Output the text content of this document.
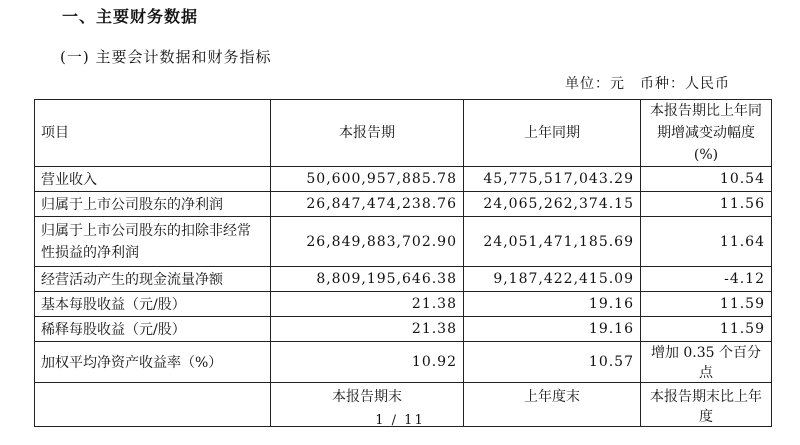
一、主要财务数据
(一) 主要会计数据和财务指标
单位：元　币种：人民币
项目	本报告期	上年同期	本报告期比上年同期增减变动幅度(%)
营业收入	50,600,957,885.78	45,775,517,043.29	10.54
归属于上市公司股东的净利润	26,847,474,238.76	24,065,262,374.15	11.56
归属于上市公司股东的扣除非经常性损益的净利润	26,849,883,702.90	24,051,471,185.69	11.64
经营活动产生的现金流量净额	8,809,195,646.38	9,187,422,415.09	-4.12
基本每股收益（元/股）	21.38	19.16	11.59
稀释每股收益（元/股）	21.38	19.16	11.59
加权平均净资产收益率（%）	10.92	10.57	增加 0.35 个百分点
	本报告期末	上年度末	本报告期末比上年度
1 / 11
